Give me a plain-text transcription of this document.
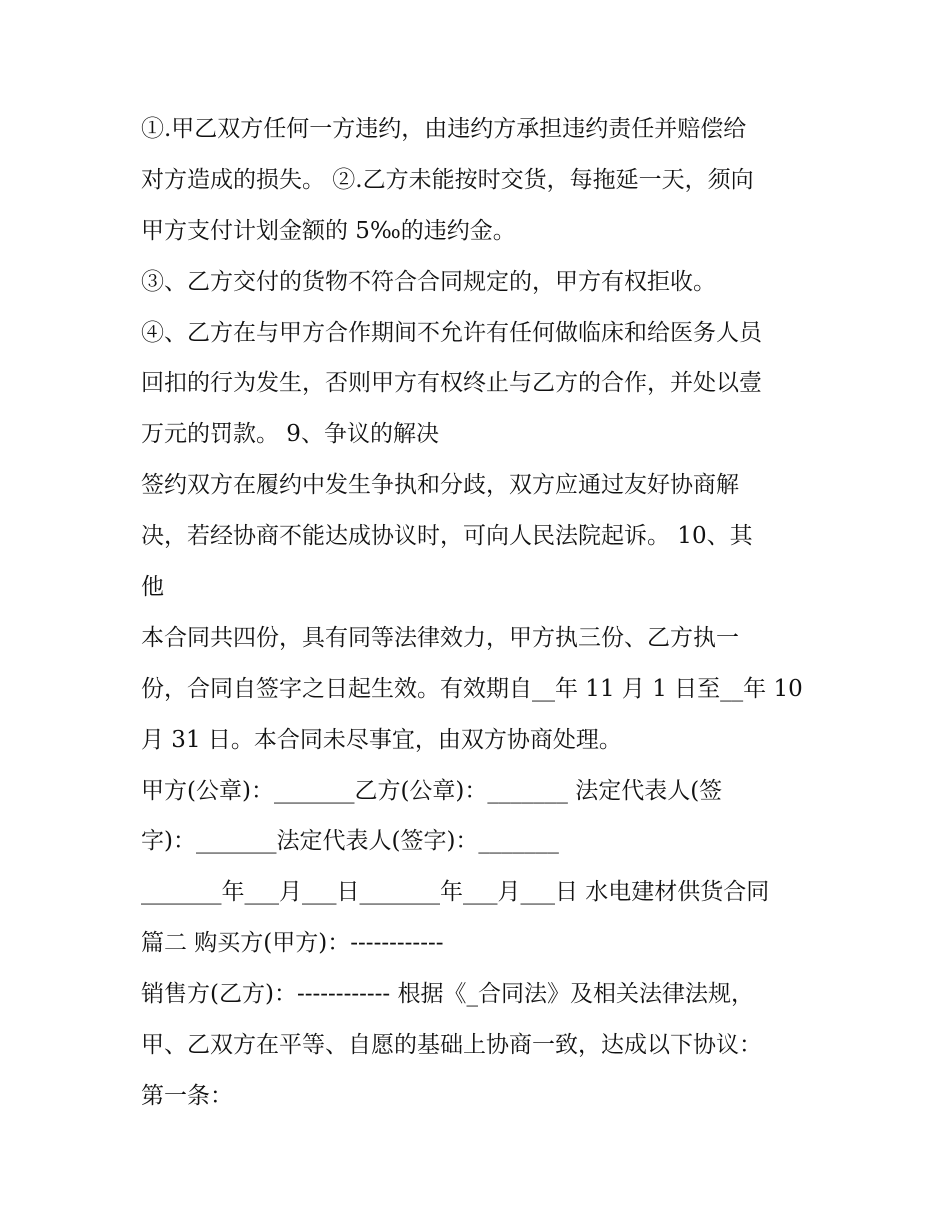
①.甲乙双方任何一方违约，由违约方承担违约责任并赔偿给
对方造成的损失。 ②.乙方未能按时交货，每拖延一天，须向
甲方支付计划金额的 5‰的违约金。
③、乙方交付的货物不符合合同规定的，甲方有权拒收。
④、乙方在与甲方合作期间不允许有任何做临床和给医务人员
回扣的行为发生，否则甲方有权终止与乙方的合作，并处以壹
万元的罚款。 9、争议的解决
签约双方在履约中发生争执和分歧，双方应通过友好协商解
决，若经协商不能达成协议时，可向人民法院起诉。 10、其
他
本合同共四份，具有同等法律效力，甲方执三份、乙方执一
份，合同自签字之日起生效。有效期自__年 11 月 1 日至__年 10
月 31 日。本合同未尽事宜，由双方协商处理。
甲方(公章)：_______乙方(公章)：_______ 法定代表人(签
字)：_______法定代表人(签字)：_______
_______年___月___日_______年___月___日 水电建材供货合同
篇二 购买方(甲方)：------------
销售方(乙方)：------------ 根据《_合同法》及相关法律法规，
甲、乙双方在平等、自愿的基础上协商一致，达成以下协议：
第一条：
